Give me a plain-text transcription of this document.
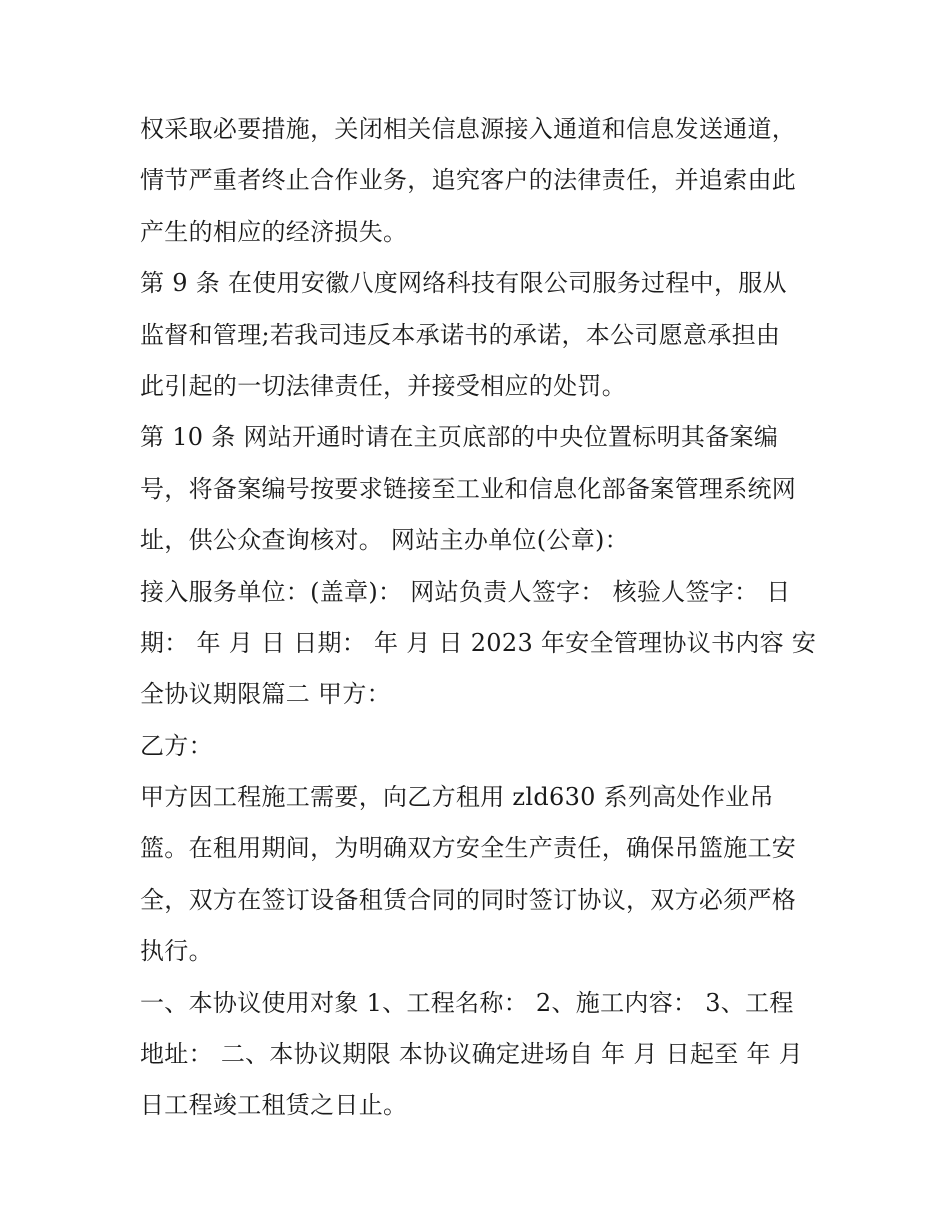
权采取必要措施，关闭相关信息源接入通道和信息发送通道，
情节严重者终止合作业务，追究客户的法律责任，并追索由此
产生的相应的经济损失。
第 9 条 在使用安徽八度网络科技有限公司服务过程中，服从
监督和管理;若我司违反本承诺书的承诺，本公司愿意承担由
此引起的一切法律责任，并接受相应的处罚。
第 10 条 网站开通时请在主页底部的中央位置标明其备案编
号，将备案编号按要求链接至工业和信息化部备案管理系统网
址，供公众查询核对。 网站主办单位(公章)：
接入服务单位：(盖章)： 网站负责人签字： 核验人签字： 日
期： 年 月 日 日期： 年 月 日 2023 年安全管理协议书内容 安
全协议期限篇二 甲方：
乙方：
甲方因工程施工需要，向乙方租用 zld630 系列高处作业吊
篮。在租用期间，为明确双方安全生产责任，确保吊篮施工安
全，双方在签订设备租赁合同的同时签订协议，双方必须严格
执行。
一、本协议使用对象 1、工程名称： 2、施工内容： 3、工程
地址： 二、本协议期限 本协议确定进场自 年 月 日起至 年 月
日工程竣工租赁之日止。
